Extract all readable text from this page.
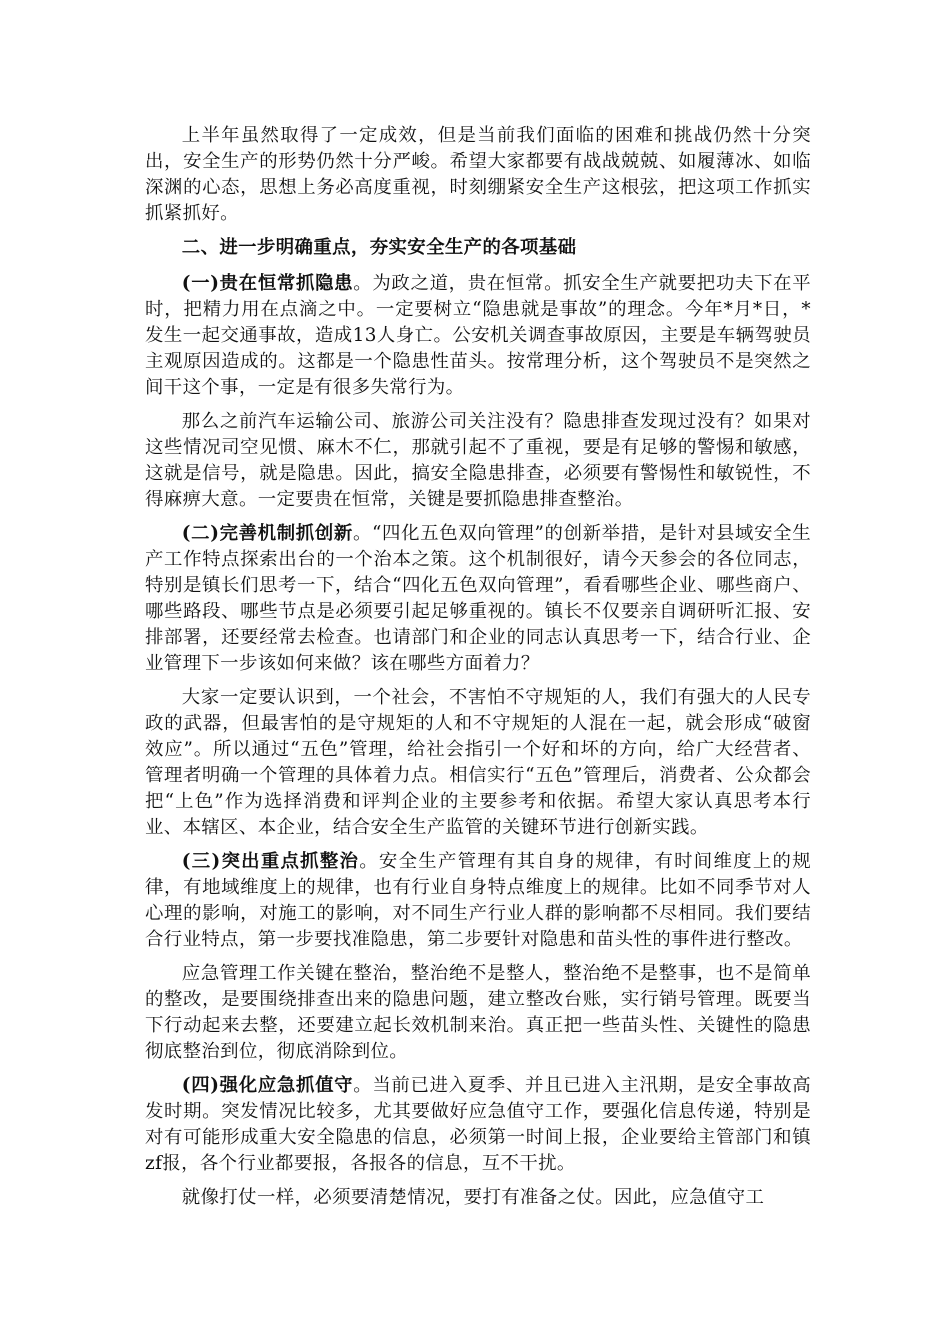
上半年虽然取得了一定成效，但是当前我们面临的困难和挑战仍然十分突出，安全生产的形势仍然十分严峻。希望大家都要有战战兢兢、如履薄冰、如临深渊的心态，思想上务必高度重视，时刻绷紧安全生产这根弦，把这项工作抓实抓紧抓好。

二、进一步明确重点，夯实安全生产的各项基础

(一)贵在恒常抓隐患。为政之道，贵在恒常。抓安全生产就要把功夫下在平时，把精力用在点滴之中。一定要树立“隐患就是事故”的理念。今年*月*日，*发生一起交通事故，造成13人身亡。公安机关调查事故原因，主要是车辆驾驶员主观原因造成的。这都是一个隐患性苗头。按常理分析，这个驾驶员不是突然之间干这个事，一定是有很多失常行为。

那么之前汽车运输公司、旅游公司关注没有？隐患排查发现过没有？如果对这些情况司空见惯、麻木不仁，那就引起不了重视，要是有足够的警惕和敏感，这就是信号，就是隐患。因此，搞安全隐患排查，必须要有警惕性和敏锐性，不得麻痹大意。一定要贵在恒常，关键是要抓隐患排查整治。

(二)完善机制抓创新。“四化五色双向管理”的创新举措，是针对县域安全生产工作特点探索出台的一个治本之策。这个机制很好，请今天参会的各位同志，特别是镇长们思考一下，结合“四化五色双向管理”，看看哪些企业、哪些商户、哪些路段、哪些节点是必须要引起足够重视的。镇长不仅要亲自调研听汇报、安排部署，还要经常去检查。也请部门和企业的同志认真思考一下，结合行业、企业管理下一步该如何来做？该在哪些方面着力？

大家一定要认识到，一个社会，不害怕不守规矩的人，我们有强大的人民专政的武器，但最害怕的是守规矩的人和不守规矩的人混在一起，就会形成“破窗效应”。所以通过“五色”管理，给社会指引一个好和坏的方向，给广大经营者、管理者明确一个管理的具体着力点。相信实行“五色”管理后，消费者、公众都会把“上色”作为选择消费和评判企业的主要参考和依据。希望大家认真思考本行业、本辖区、本企业，结合安全生产监管的关键环节进行创新实践。

(三)突出重点抓整治。安全生产管理有其自身的规律，有时间维度上的规律，有地域维度上的规律，也有行业自身特点维度上的规律。比如不同季节对人心理的影响，对施工的影响，对不同生产行业人群的影响都不尽相同。我们要结合行业特点，第一步要找准隐患，第二步要针对隐患和苗头性的事件进行整改。

应急管理工作关键在整治，整治绝不是整人，整治绝不是整事，也不是简单的整改，是要围绕排查出来的隐患问题，建立整改台账，实行销号管理。既要当下行动起来去整，还要建立起长效机制来治。真正把一些苗头性、关键性的隐患彻底整治到位，彻底消除到位。

(四)强化应急抓值守。当前已进入夏季、并且已进入主汛期，是安全事故高发时期。突发情况比较多，尤其要做好应急值守工作，要强化信息传递，特别是对有可能形成重大安全隐患的信息，必须第一时间上报，企业要给主管部门和镇zf报，各个行业都要报，各报各的信息，互不干扰。

就像打仗一样，必须要清楚情况，要打有准备之仗。因此，应急值守工
